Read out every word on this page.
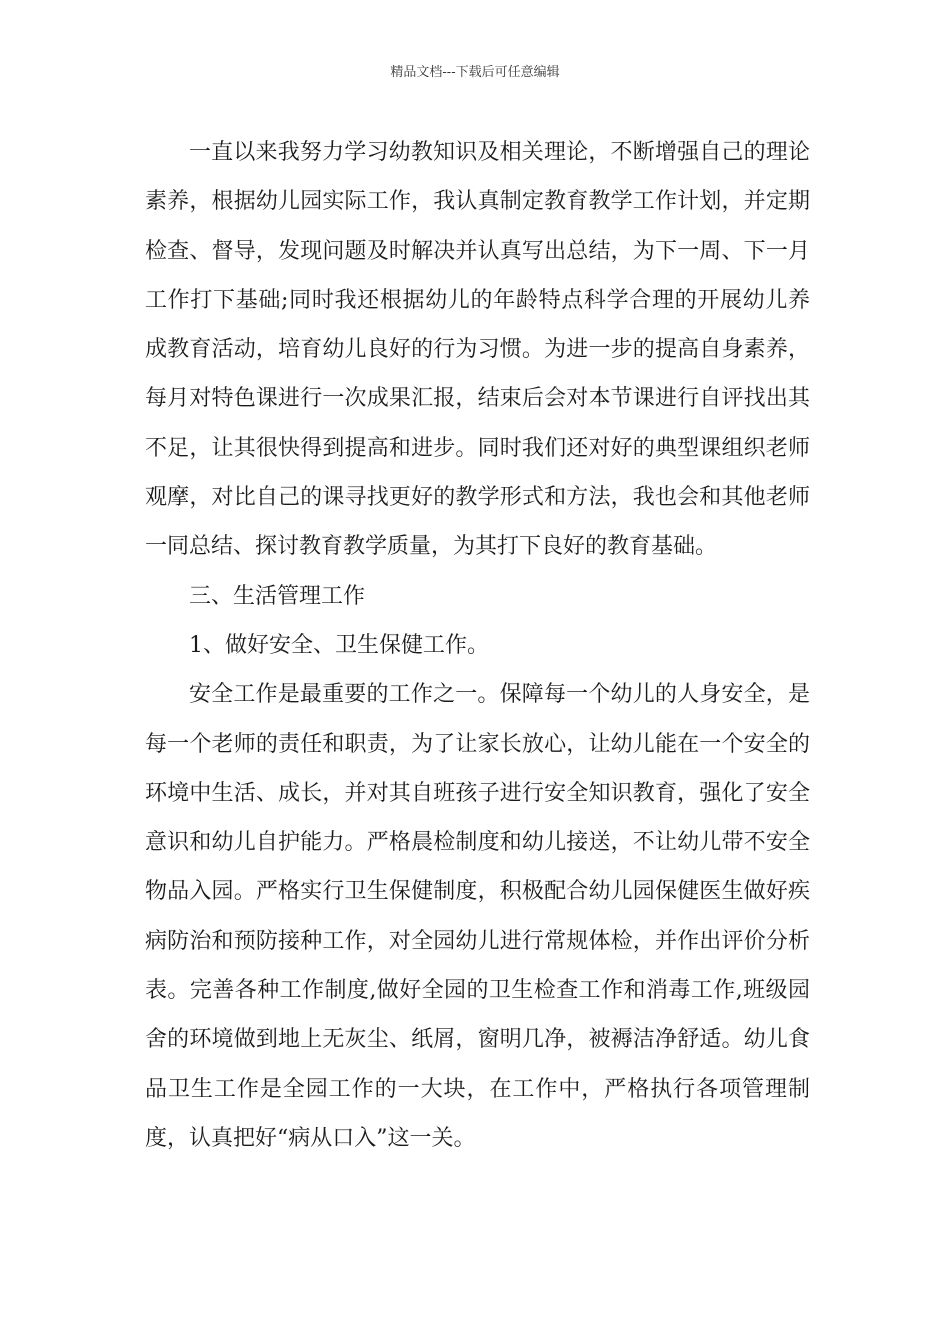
精品文档---下载后可任意编辑

一直以来我努力学习幼教知识及相关理论，不断增强自己的理论素养，根据幼儿园实际工作，我认真制定教育教学工作计划，并定期检查、督导，发现问题及时解决并认真写出总结，为下一周、下一月工作打下基础;同时我还根据幼儿的年龄特点科学合理的开展幼儿养成教育活动，培育幼儿良好的行为习惯。为进一步的提高自身素养，每月对特色课进行一次成果汇报，结束后会对本节课进行自评找出其不足，让其很快得到提高和进步。同时我们还对好的典型课组织老师观摩，对比自己的课寻找更好的教学形式和方法，我也会和其他老师一同总结、探讨教育教学质量，为其打下良好的教育基础。

三、生活管理工作

1、做好安全、卫生保健工作。

安全工作是最重要的工作之一。保障每一个幼儿的人身安全，是每一个老师的责任和职责，为了让家长放心，让幼儿能在一个安全的环境中生活、成长，并对其自班孩子进行安全知识教育，强化了安全意识和幼儿自护能力。严格晨检制度和幼儿接送，不让幼儿带不安全物品入园。严格实行卫生保健制度，积极配合幼儿园保健医生做好疾病防治和预防接种工作，对全园幼儿进行常规体检，并作出评价分析表。完善各种工作制度,做好全园的卫生检查工作和消毒工作,班级园舍的环境做到地上无灰尘、纸屑，窗明几净，被褥洁净舒适。幼儿食品卫生工作是全园工作的一大块，在工作中，严格执行各项管理制度，认真把好“病从口入”这一关。
